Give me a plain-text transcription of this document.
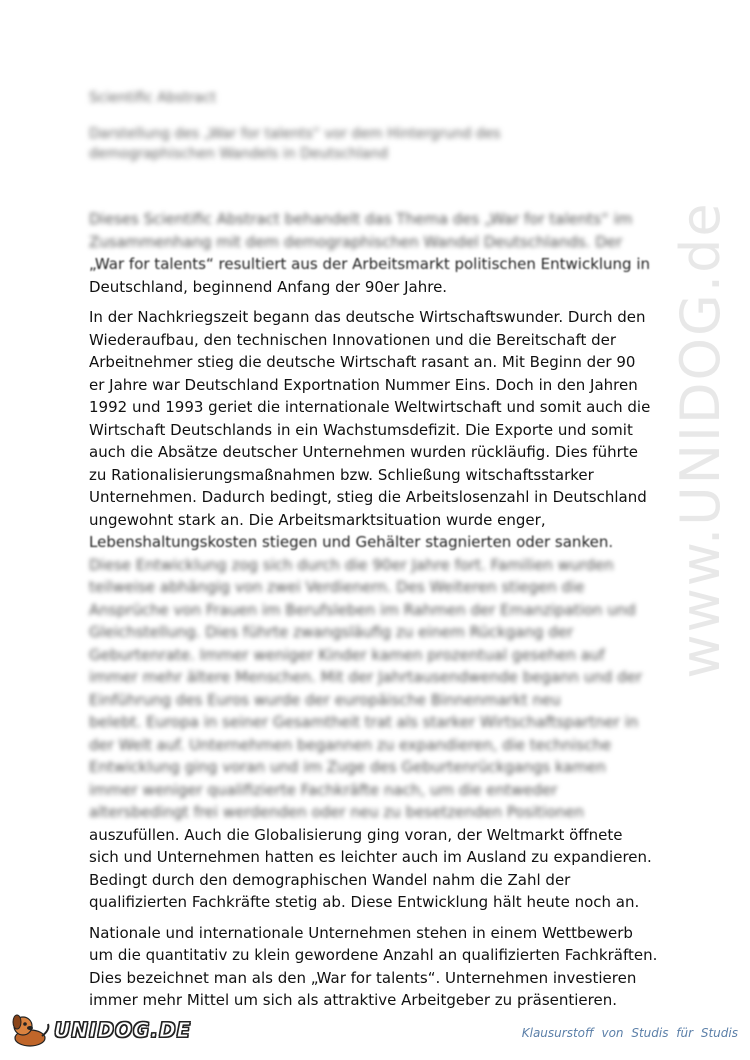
www.UNIDOG.de
Scientific Abstract
Darstellung des „War for talents“ vor dem Hintergrund des
demographischen Wandels in Deutschland

Dieses Scientific Abstract behandelt das Thema des „War for talents“ im
Zusammenhang mit dem demographischen Wandel Deutschlands. Der
„War for talents“ resultiert aus der Arbeitsmarkt politischen Entwicklung in
Deutschland, beginnend Anfang der 90er Jahre.

In der Nachkriegszeit begann das deutsche Wirtschaftswunder. Durch den
Wiederaufbau, den technischen Innovationen und die Bereitschaft der
Arbeitnehmer stieg die deutsche Wirtschaft rasant an. Mit Beginn der 90
er Jahre war Deutschland Exportnation Nummer Eins. Doch in den Jahren
1992 und 1993 geriet die internationale Weltwirtschaft und somit auch die
Wirtschaft Deutschlands in ein Wachstumsdefizit. Die Exporte und somit
auch die Absätze deutscher Unternehmen wurden rückläufig. Dies führte
zu Rationalisierungsmaßnahmen bzw. Schließung witschaftsstarker
Unternehmen. Dadurch bedingt, stieg die Arbeitslosenzahl in Deutschland
ungewohnt stark an. Die Arbeitsmarktsituation wurde enger,
Lebenshaltungskosten stiegen und Gehälter stagnierten oder sanken.
Diese Entwicklung zog sich durch die 90er Jahre fort. Familien wurden
teilweise abhängig von zwei Verdienern. Des Weiteren stiegen die
Ansprüche von Frauen im Berufsleben im Rahmen der Emanzipation und
Gleichstellung. Dies führte zwangsläufig zu einem Rückgang der
Geburtenrate. Immer weniger Kinder kamen prozentual gesehen auf
immer mehr ältere Menschen. Mit der Jahrtausendwende begann und der
Einführung des Euros wurde der europäische Binnenmarkt neu
belebt. Europa in seiner Gesamtheit trat als starker Wirtschaftspartner in
der Welt auf. Unternehmen begannen zu expandieren, die technische
Entwicklung ging voran und im Zuge des Geburtenrückgangs kamen
immer weniger qualifizierte Fachkräfte nach, um die entweder
altersbedingt frei werdenden oder neu zu besetzenden Positionen
auszufüllen. Auch die Globalisierung ging voran, der Weltmarkt öffnete
sich und Unternehmen hatten es leichter auch im Ausland zu expandieren.
Bedingt durch den demographischen Wandel nahm die Zahl der
qualifizierten Fachkräfte stetig ab. Diese Entwicklung hält heute noch an.

Nationale und internationale Unternehmen stehen in einem Wettbewerb
um die quantitativ zu klein gewordene Anzahl an qualifizierten Fachkräften.
Dies bezeichnet man als den „War for talents“. Unternehmen investieren
immer mehr Mittel um sich als attraktive Arbeitgeber zu präsentieren.

UNIDOG.DE	Klausurstoff von Studis für Studis
